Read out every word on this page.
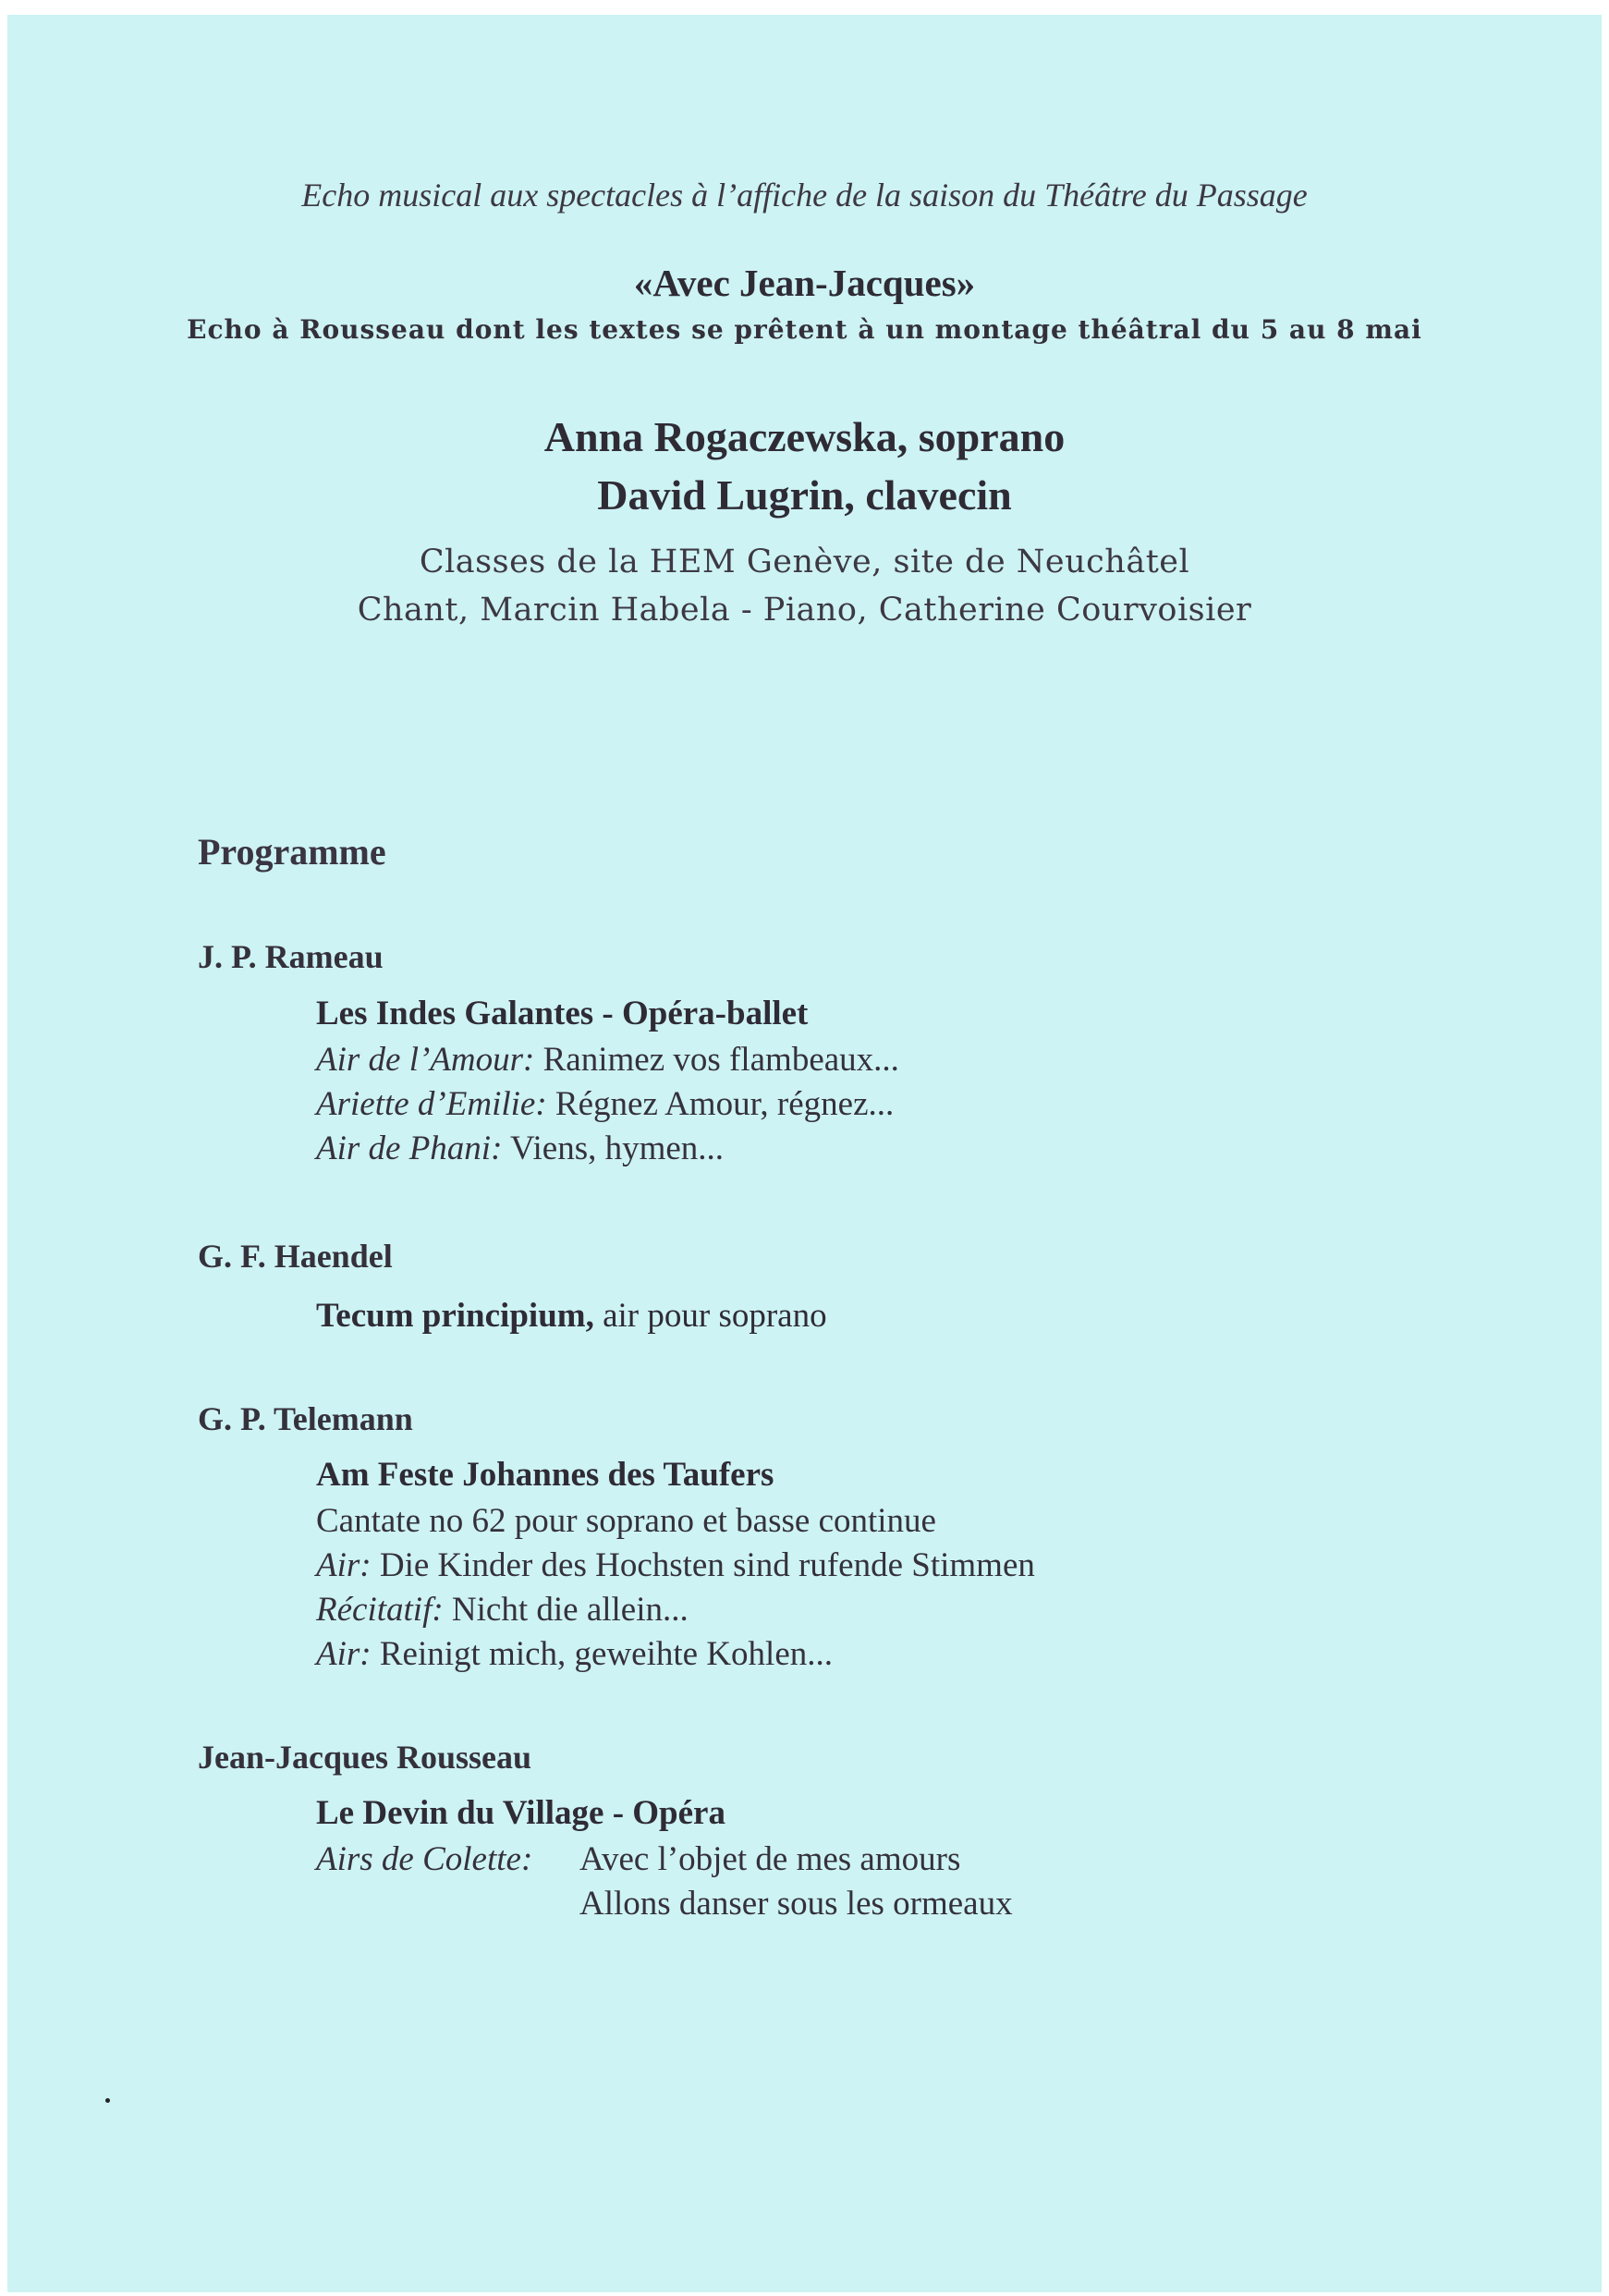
Echo musical aux spectacles à l’affiche de la saison du Théâtre du Passage
«Avec Jean-Jacques»
Echo à Rousseau dont les textes se prêtent à un montage théâtral du 5 au 8 mai
Anna Rogaczewska, soprano
David Lugrin, clavecin
Classes de la HEM Genève, site de Neuchâtel
Chant, Marcin Habela - Piano, Catherine Courvoisier
Programme
J. P. Rameau
Les Indes Galantes - Opéra-ballet
Air de l’Amour: Ranimez vos flambeaux...
Ariette d’Emilie: Régnez Amour, régnez...
Air de Phani: Viens, hymen...
G. F. Haendel
Tecum principium, air pour soprano
G. P. Telemann
Am Feste Johannes des Taufers
Cantate no 62 pour soprano et basse continue
Air: Die Kinder des Hochsten sind rufende Stimmen
Récitatif: Nicht die allein...
Air: Reinigt mich, geweihte Kohlen...
Jean-Jacques Rousseau
Le Devin du Village - Opéra
Airs de Colette: Avec l’objet de mes amours
Allons danser sous les ormeaux
